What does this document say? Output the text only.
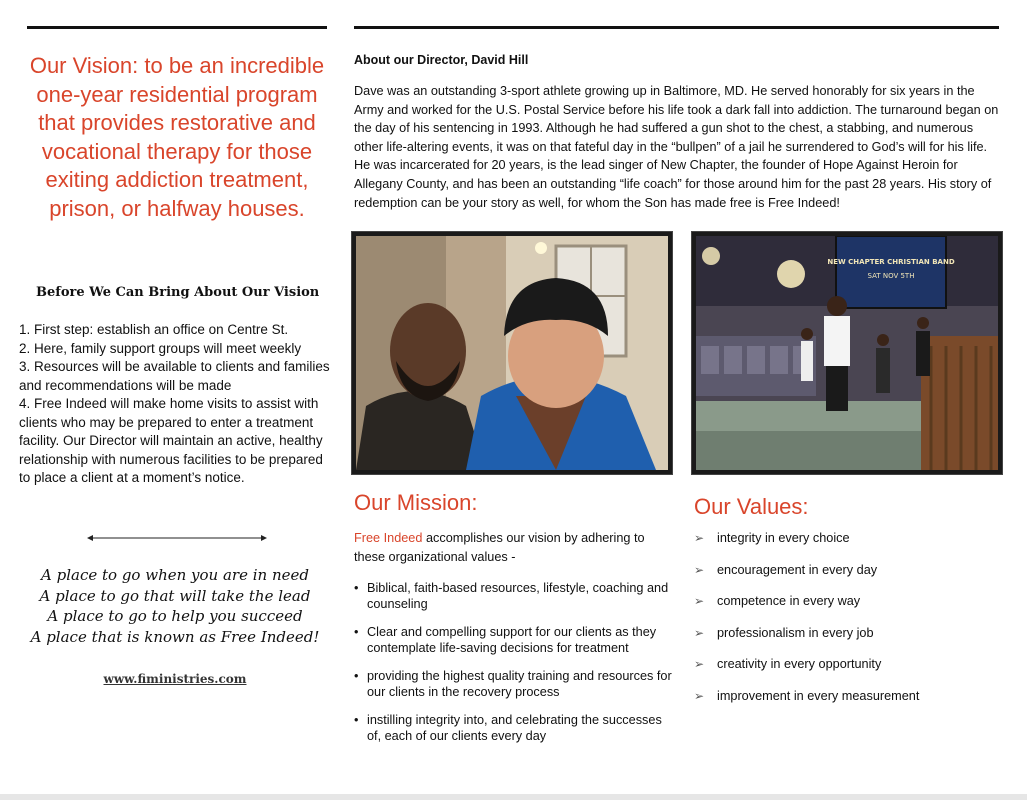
Our Vision: to be an incredible one-year residential program that provides restorative and vocational therapy for those exiting addiction treatment, prison, or halfway houses.
Before We Can Bring About Our Vision
1. First step: establish an office on Centre St.
2. Here, family support groups will meet weekly
3. Resources will be available to clients and families and recommendations will be made
4. Free Indeed will make home visits to assist with clients who may be prepared to enter a treatment facility. Our Director will maintain an active, healthy relationship with numerous facilities to be prepared to place a client at a moment’s notice.
A place to go when you are in need
A place to go that will take the lead
A place to go to help you succeed
A place that is known as Free Indeed!
www.fiministries.com
About our Director, David Hill
Dave was an outstanding 3-sport athlete growing up in Baltimore, MD. He served honorably for six years in the Army and worked for the U.S. Postal Service before his life took a dark fall into addiction. The turnaround began on the day of his sentencing in 1993. Although he had suffered a gun shot to the chest, a stabbing, and numerous other life-altering events, it was on that fateful day in the “bullpen” of a jail he surrendered to God’s will for his life. He was incarcerated for 20 years, is the lead singer of New Chapter, the founder of Hope Against Heroin for Allegany County, and has been an outstanding “life coach” for those around him for the past 28 years. His story of redemption can be your story as well, for whom the Son has made free is Free Indeed!
NEW CHAPTER CHRISTIAN BAND
SAT NOV 5TH
Our Mission:
Free Indeed accomplishes our vision by adhering to these organizational values -
• Biblical, faith-based resources, lifestyle, coaching and counseling
• Clear and compelling support for our clients as they contemplate life-saving decisions for treatment
• providing the highest quality training and resources for our clients in the recovery process
• instilling integrity into, and celebrating the successes of, each of our clients every day
Our Values:
➢	integrity in every choice
➢	encouragement in every day
➢	competence in every way
➢	professionalism in every job
➢	creativity in every opportunity
➢	improvement in every measurement
